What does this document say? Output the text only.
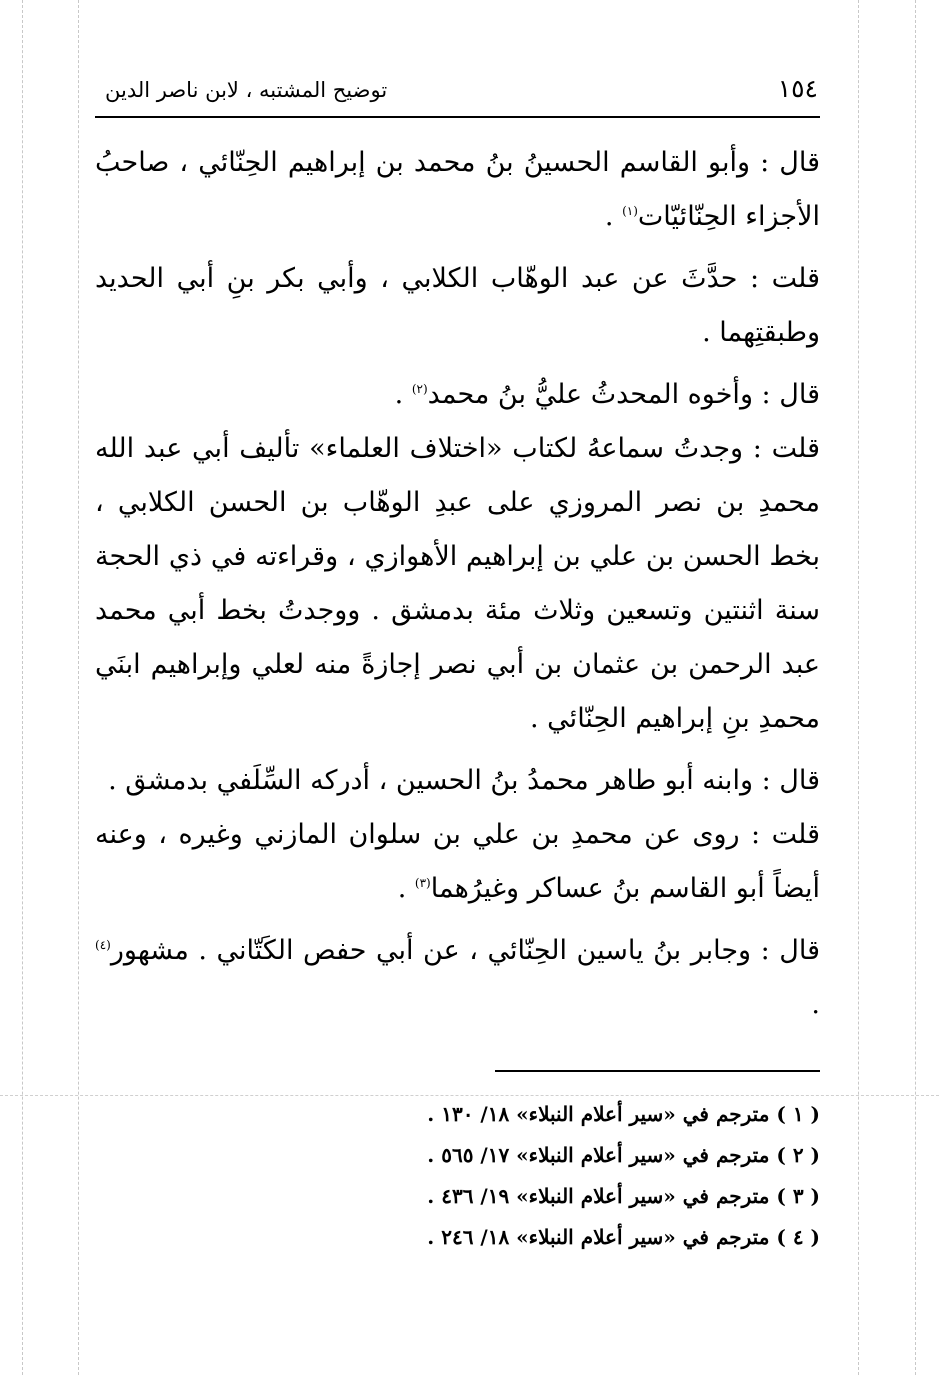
١٥٤
توضيح المشتبه ، لابن ناصر الدين

قال : وأبو القاسم الحسينُ بنُ محمد بن إبراهيم الحِنّائي ، صاحبُ الأجزاء الحِنّائيّات$^{(١)}$ .

قلت : حدَّثَ عن عبد الوهّاب الكلابي ، وأبي بكر بنِ أبي الحديد وطبقتِهما .

قال : وأخوه المحدثُ عليُّ بنُ محمد$^{(٢)}$ .

قلت : وجدتُ سماعهُ لكتاب «اختلاف العلماء» تأليف أبي عبد الله محمدِ بن نصر المروزي على عبدِ الوهّاب بن الحسن الكلابي ، بخط الحسن بن علي بن إبراهيم الأهوازي ، وقراءته في ذي الحجة سنة اثنتين وتسعين وثلاث مئة بدمشق . ووجدتُ بخط أبي محمد عبد الرحمن بن عثمان بن أبي نصر إجازةً منه لعلي وإبراهيم ابنَي محمدِ بنِ إبراهيم الحِنّائي .

قال : وابنه أبو طاهر محمدُ بنُ الحسين ، أدركه السِّلَفي بدمشق .

قلت : روى عن محمدِ بن علي بن سلوان المازني وغيره ، وعنه أيضاً أبو القاسم بنُ عساكر وغيرُهما$^{(٣)}$ .

قال : وجابر بنُ ياسين الحِنّائي ، عن أبي حفص الكَتّاني . مشهور$^{(٤)}$ .

( ١ ) مترجم في «سير أعلام النبلاء» ١٨/ ١٣٠ .
( ٢ ) مترجم في «سير أعلام النبلاء» ١٧/ ٥٦٥ .
( ٣ ) مترجم في «سير أعلام النبلاء» ١٩/ ٤٣٦ .
( ٤ ) مترجم في «سير أعلام النبلاء» ١٨/ ٢٤٦ .
